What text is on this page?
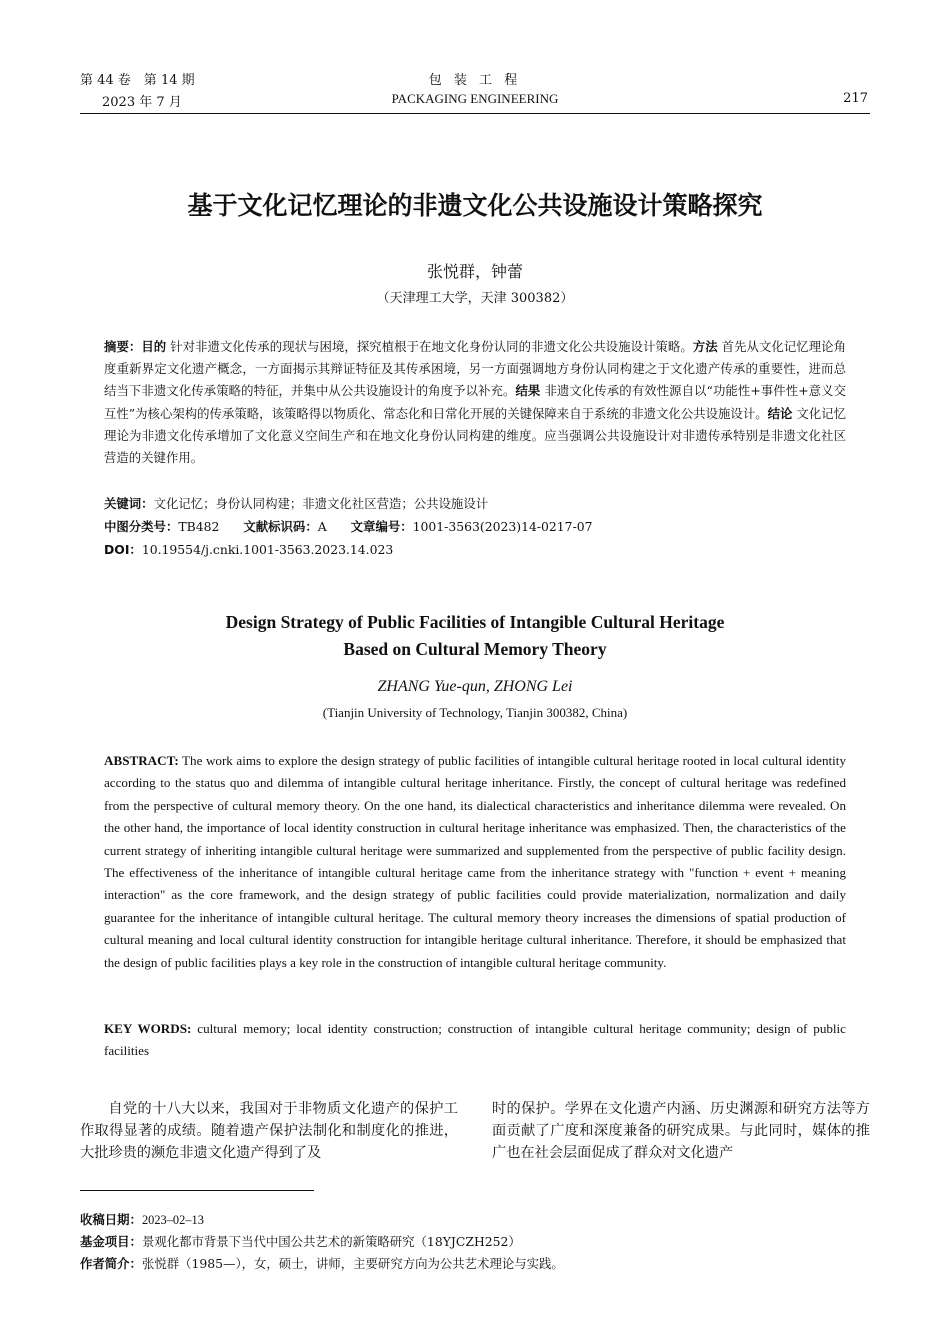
第 44 卷　第 14 期	包 装 工 程
2023 年 7 月	PACKAGING ENGINEERING	217
基于文化记忆理论的非遗文化公共设施设计策略探究
张悦群，钟蕾
（天津理工大学，天津 300382）
摘要：目的 针对非遗文化传承的现状与困境，探究植根于在地文化身份认同的非遗文化公共设施设计策略。方法 首先从文化记忆理论角度重新界定文化遗产概念，一方面揭示其辩证特征及其传承困境，另一方面强调地方身份认同构建之于文化遗产传承的重要性，进而总结当下非遗文化传承策略的特征，并集中从公共设施设计的角度予以补充。结果 非遗文化传承的有效性源自以“功能性+事件性+意义交互性”为核心架构的传承策略，该策略得以物质化、常态化和日常化开展的关键保障来自于系统的非遗文化公共设施设计。结论 文化记忆理论为非遗文化传承增加了文化意义空间生产和在地文化身份认同构建的维度。应当强调公共设施设计对非遗传承特别是非遗文化社区营造的关键作用。
关键词：文化记忆；身份认同构建；非遗文化社区营造；公共设施设计
中图分类号：TB482 文献标识码：A 文章编号：1001-3563(2023)14-0217-07
DOI：10.19554/j.cnki.1001-3563.2023.14.023
Design Strategy of Public Facilities of Intangible Cultural Heritage
Based on Cultural Memory Theory
ZHANG Yue-qun, ZHONG Lei
(Tianjin University of Technology, Tianjin 300382, China)
ABSTRACT: The work aims to explore the design strategy of public facilities of intangible cultural heritage rooted in local cultural identity according to the status quo and dilemma of intangible cultural heritage inheritance. Firstly, the concept of cultural heritage was redefined from the perspective of cultural memory theory. On the one hand, its dialectical characteristics and inheritance dilemma were revealed. On the other hand, the importance of local identity construction in cultural heritage inheritance was emphasized. Then, the characteristics of the current strategy of inheriting intangible cultural heritage were summarized and supplemented from the perspective of public facility design. The effectiveness of the inheritance of intangible cultural heritage came from the inheritance strategy with "function + event + meaning interaction" as the core framework, and the design strategy of public facilities could provide materialization, normalization and daily guarantee for the inheritance of intangible cultural heritage. The cultural memory theory increases the dimensions of spatial production of cultural meaning and local cultural identity construction for intangible heritage cultural inheritance. Therefore, it should be emphasized that the design of public facilities plays a key role in the construction of intangible cultural heritage community.
KEY WORDS: cultural memory; local identity construction; construction of intangible cultural heritage community; design of public facilities
自党的十八大以来，我国对于非物质文化遗产的保护工作取得显著的成绩。随着遗产保护法制化和制度化的推进，大批珍贵的濒危非遗文化遗产得到了及
时的保护。学界在文化遗产内涵、历史渊源和研究方法等方面贡献了广度和深度兼备的研究成果。与此同时，媒体的推广也在社会层面促成了群众对文化遗产
收稿日期：2023–02–13
基金项目：景观化都市背景下当代中国公共艺术的新策略研究（18YJCZH252）
作者简介：张悦群（1985—），女，硕士，讲师，主要研究方向为公共艺术理论与实践。
